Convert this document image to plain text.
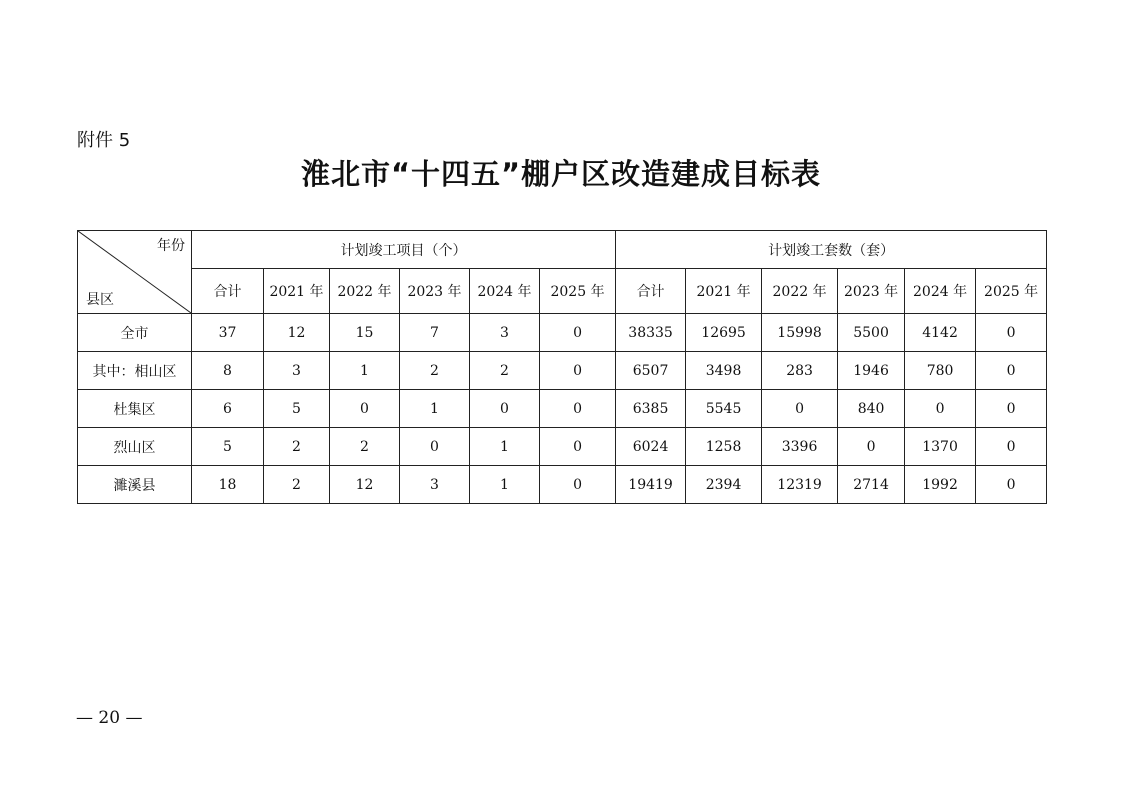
附件 5
淮北市“十四五”棚户区改造建成目标表
年份
县区	计划竣工项目（个）						计划竣工套数（套）					
	合计	2021 年	2022 年	2023 年	2024 年	2025 年	合计	2021 年	2022 年	2023 年	2024 年	2025 年
全市	37	12	15	7	3	0	38335	12695	15998	5500	4142	0
其中：相山区	8	3	1	2	2	0	6507	3498	283	1946	780	0
杜集区	6	5	0	1	0	0	6385	5545	0	840	0	0
烈山区	5	2	2	0	1	0	6024	1258	3396	0	1370	0
濉溪县	18	2	12	3	1	0	19419	2394	12319	2714	1992	0
— 20 —
